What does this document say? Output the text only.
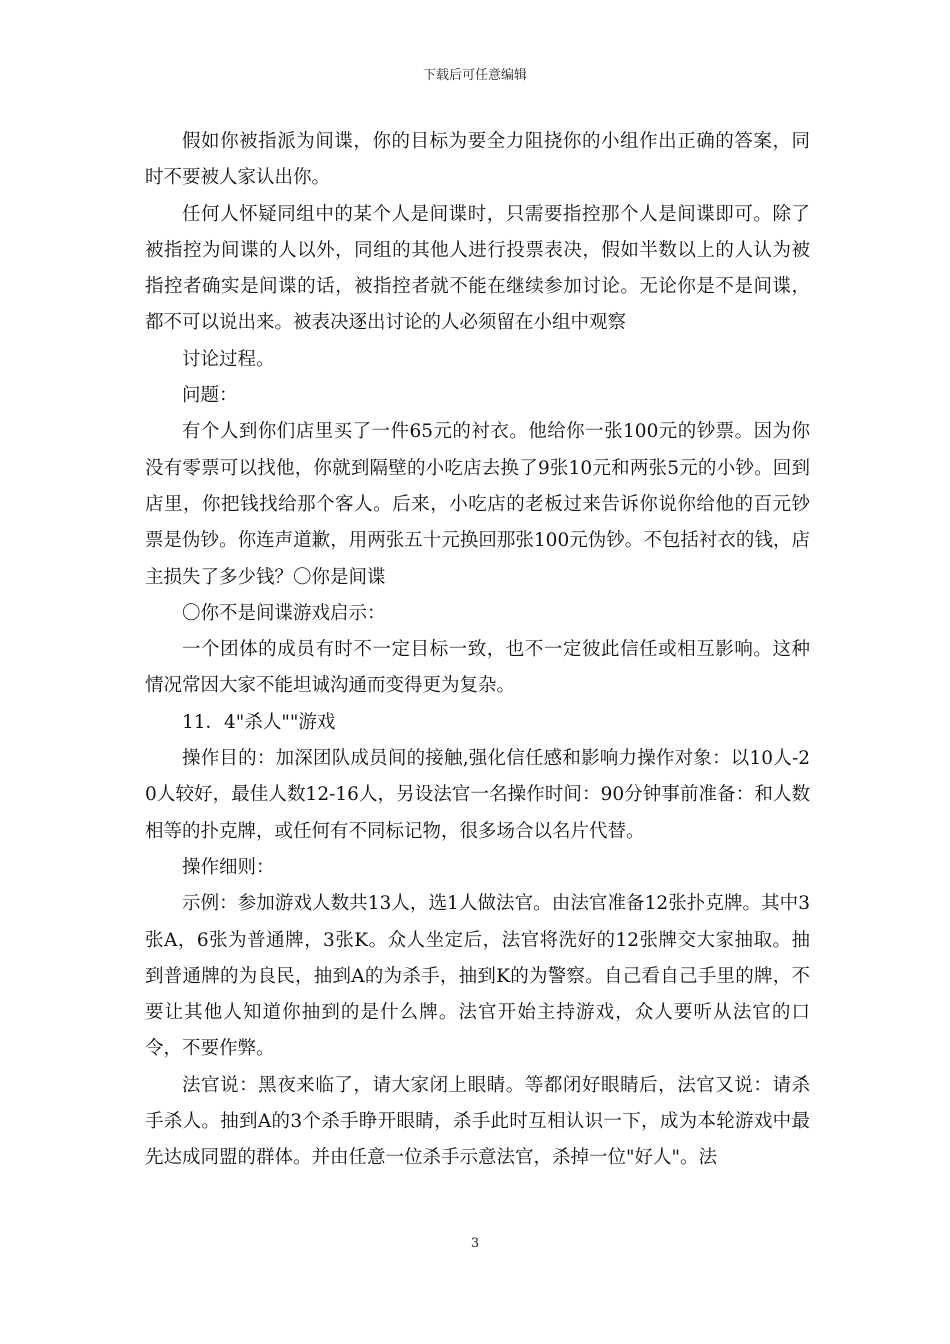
下载后可任意编辑

假如你被指派为间谍，你的目标为要全力阻挠你的小组作出正确的答案，同时不要被人家认出你。

任何人怀疑同组中的某个人是间谍时，只需要指控那个人是间谍即可。除了被指控为间谍的人以外，同组的其他人进行投票表决，假如半数以上的人认为被指控者确实是间谍的话，被指控者就不能在继续参加讨论。无论你是不是间谍，都不可以说出来。被表决逐出讨论的人必须留在小组中观察

讨论过程。

问题：

有个人到你们店里买了一件65元的衬衣。他给你一张100元的钞票。因为你没有零票可以找他，你就到隔壁的小吃店去换了9张10元和两张5元的小钞。回到店里，你把钱找给那个客人。后来，小吃店的老板过来告诉你说你给他的百元钞票是伪钞。你连声道歉，用两张五十元换回那张100元伪钞。不包括衬衣的钱，店主损失了多少钱？〇你是间谍

〇你不是间谍游戏启示：

一个团体的成员有时不一定目标一致，也不一定彼此信任或相互影响。这种情况常因大家不能坦诚沟通而变得更为复杂。

11．4"杀人""游戏

操作目的：加深团队成员间的接触,强化信任感和影响力操作对象：以10人-20人较好，最佳人数12-16人，另设法官一名操作时间：90分钟事前准备：和人数相等的扑克牌，或任何有不同标记物，很多场合以名片代替。

操作细则：

示例：参加游戏人数共13人，选1人做法官。由法官准备12张扑克牌。其中3张A，6张为普通牌，3张K。众人坐定后，法官将洗好的12张牌交大家抽取。抽到普通牌的为良民，抽到A的为杀手，抽到K的为警察。自己看自己手里的牌，不要让其他人知道你抽到的是什么牌。法官开始主持游戏，众人要听从法官的口令，不要作弊。

法官说：黑夜来临了，请大家闭上眼睛。等都闭好眼睛后，法官又说：请杀手杀人。抽到A的3个杀手睁开眼睛，杀手此时互相认识一下，成为本轮游戏中最先达成同盟的群体。并由任意一位杀手示意法官，杀掉一位"好人"。法

3
